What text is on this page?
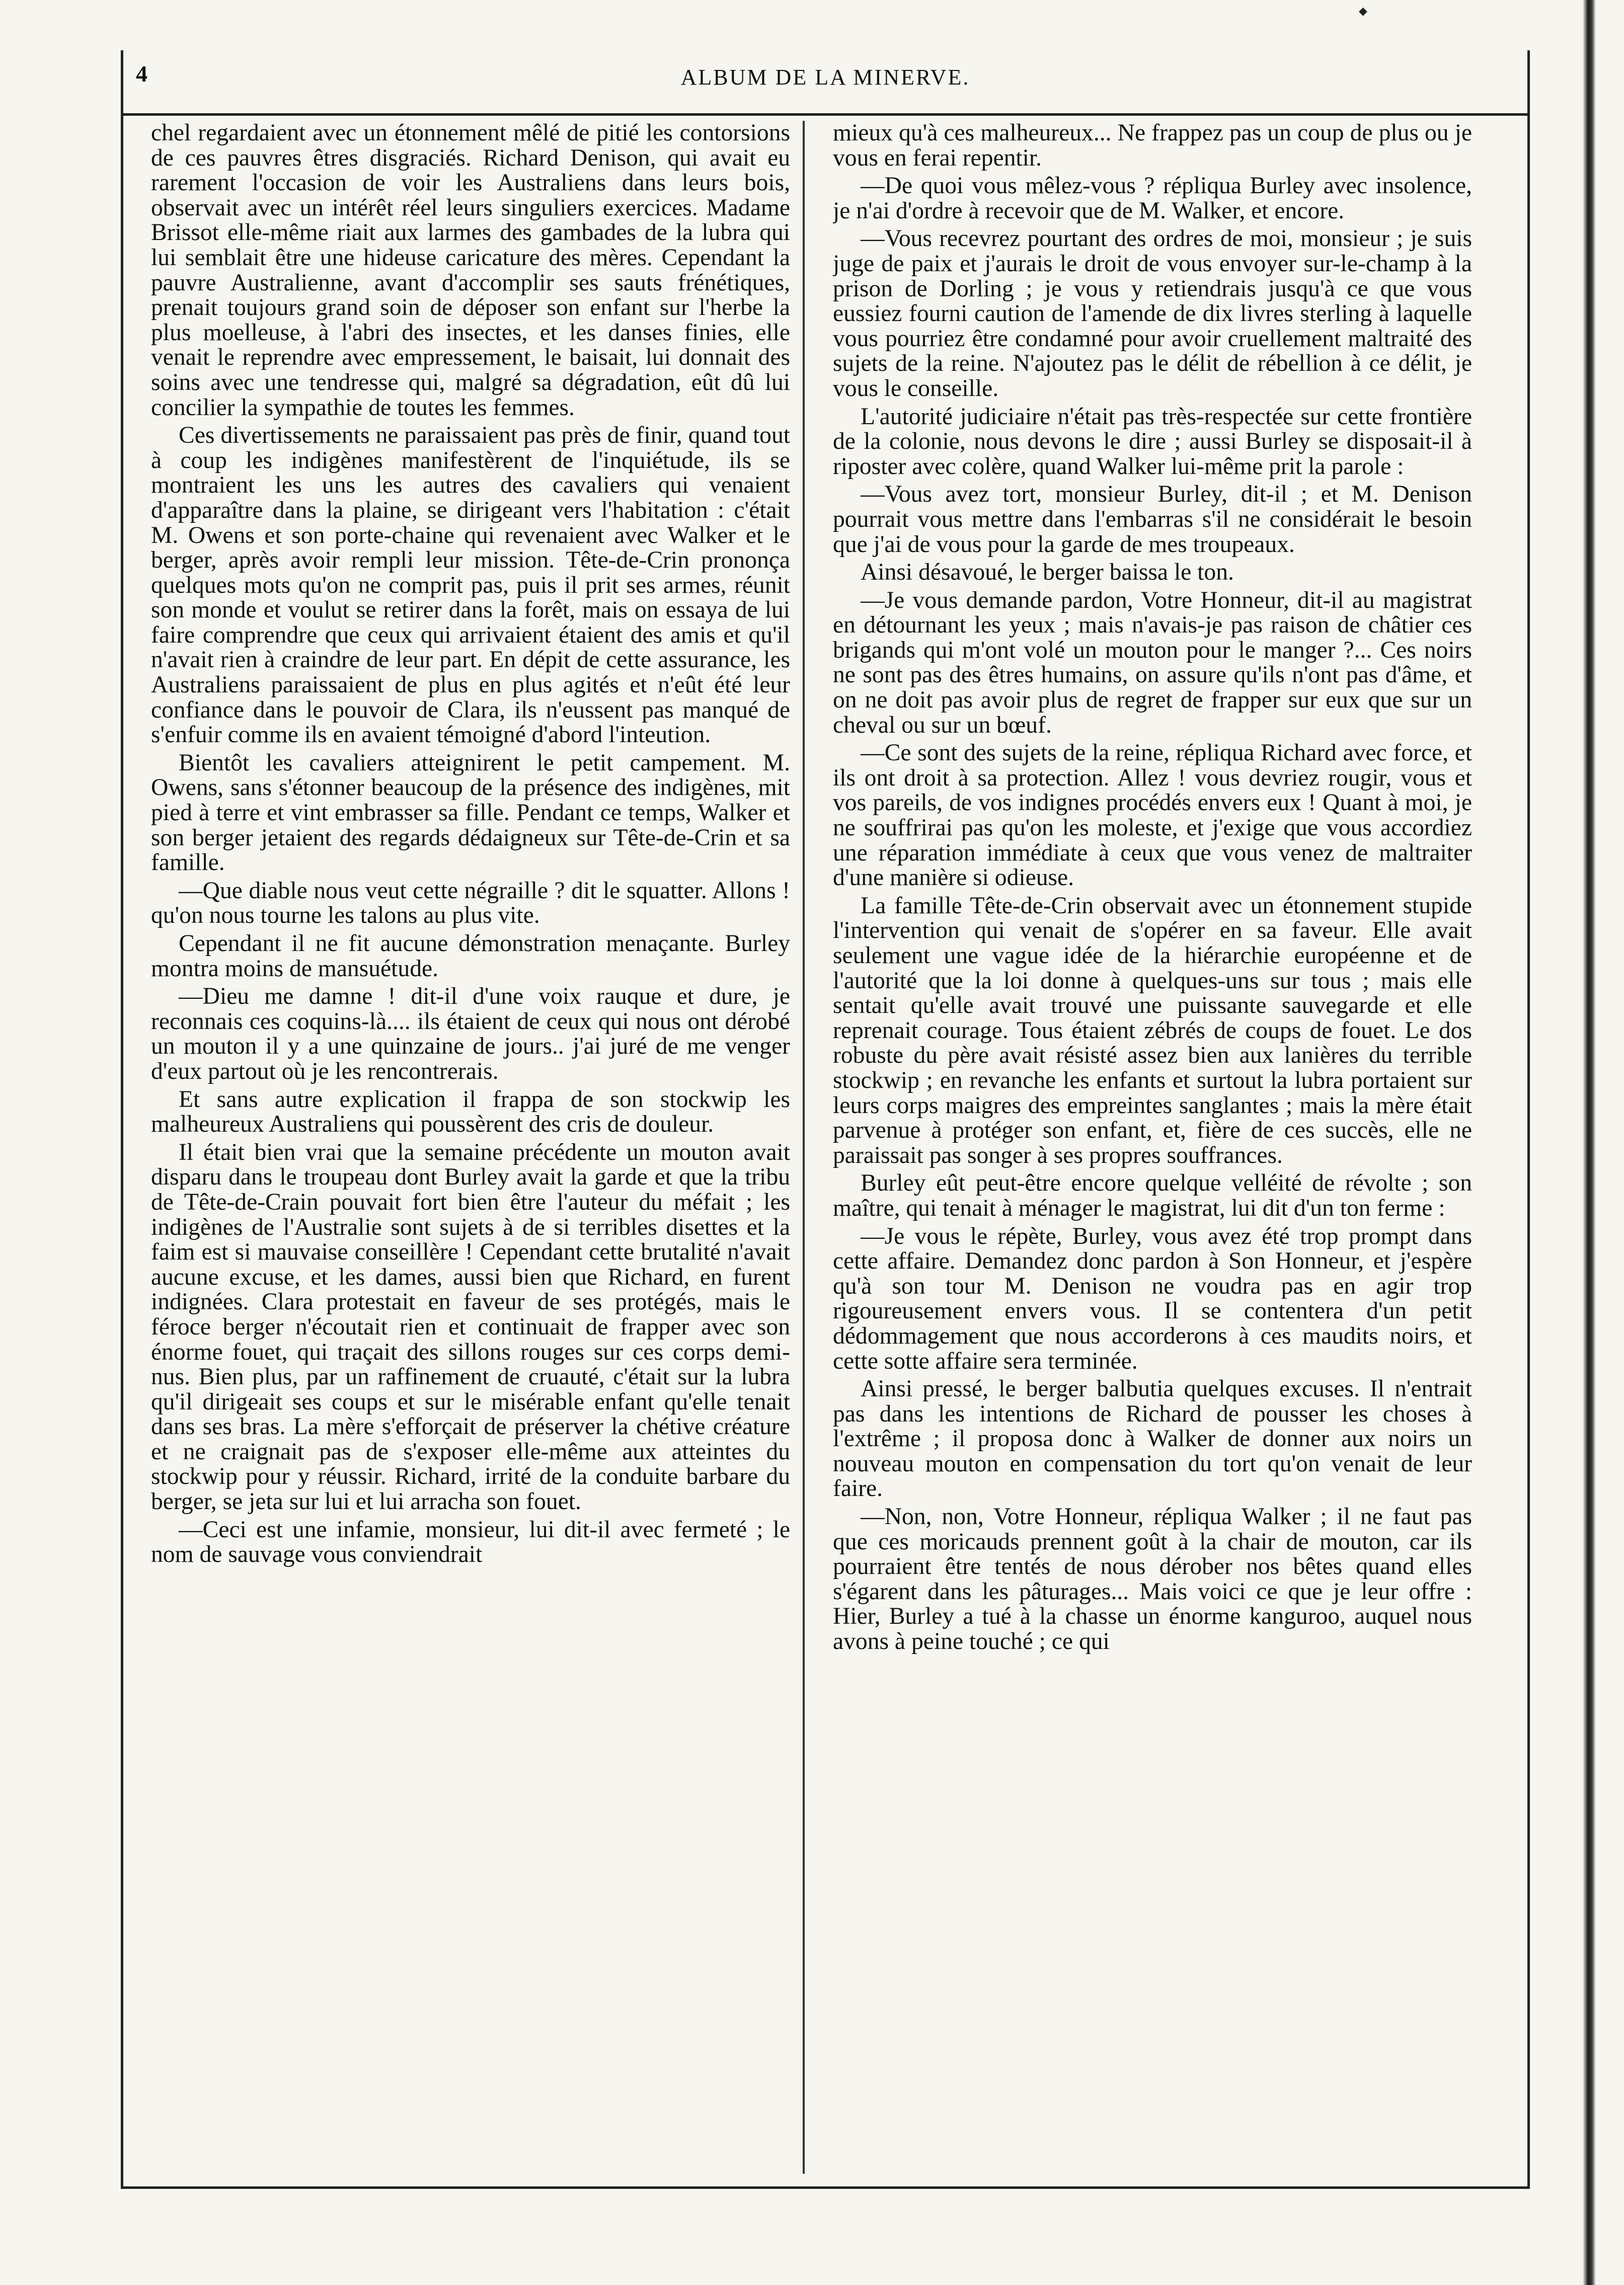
4	ALBUM DE LA MINERVE.
◆

chel regardaient avec un étonnement mêlé de pitié les contorsions de ces pauvres êtres disgraciés. Richard Denison, qui avait eu rarement l'occasion de voir les Australiens dans leurs bois, observait avec un intérêt réel leurs singuliers exercices. Madame Brissot elle-même riait aux larmes des gambades de la lubra qui lui semblait être une hideuse caricature des mères. Cependant la pauvre Australienne, avant d'accomplir ses sauts frénétiques, prenait toujours grand soin de déposer son enfant sur l'herbe la plus moelleuse, à l'abri des insectes, et les danses finies, elle venait le reprendre avec empressement, le baisait, lui donnait des soins avec une tendresse qui, malgré sa dégradation, eût dû lui concilier la sympathie de toutes les femmes.

Ces divertissements ne paraissaient pas près de finir, quand tout à coup les indigènes manifestèrent de l'inquiétude, ils se montraient les uns les autres des cavaliers qui venaient d'apparaître dans la plaine, se dirigeant vers l'habitation : c'était M. Owens et son porte-chaine qui revenaient avec Walker et le berger, après avoir rempli leur mission. Tête-de-Crin prononça quelques mots qu'on ne comprit pas, puis il prit ses armes, réunit son monde et voulut se retirer dans la forêt, mais on essaya de lui faire comprendre que ceux qui arrivaient étaient des amis et qu'il n'avait rien à craindre de leur part. En dépit de cette assurance, les Australiens paraissaient de plus en plus agités et n'eût été leur confiance dans le pouvoir de Clara, ils n'eussent pas manqué de s'enfuir comme ils en avaient témoigné d'abord l'inteution.

Bientôt les cavaliers atteignirent le petit campement. M. Owens, sans s'étonner beaucoup de la présence des indigènes, mit pied à terre et vint embrasser sa fille. Pendant ce temps, Walker et son berger jetaient des regards dédaigneux sur Tête-de-Crin et sa famille.

—Que diable nous veut cette négraille ? dit le squatter. Allons ! qu'on nous tourne les talons au plus vite.

Cependant il ne fit aucune démonstration menaçante. Burley montra moins de mansuétude.

—Dieu me damne ! dit-il d'une voix rauque et dure, je reconnais ces coquins-là.... ils étaient de ceux qui nous ont dérobé un mouton il y a une quinzaine de jours.. j'ai juré de me venger d'eux partout où je les rencontrerais.

Et sans autre explication il frappa de son stockwip les malheureux Australiens qui poussèrent des cris de douleur.

Il était bien vrai que la semaine précédente un mouton avait disparu dans le troupeau dont Burley avait la garde et que la tribu de Tête-de-Crain pouvait fort bien être l'auteur du méfait ; les indigènes de l'Australie sont sujets à de si terribles disettes et la faim est si mauvaise conseillère ! Cependant cette brutalité n'avait aucune excuse, et les dames, aussi bien que Richard, en furent indignées. Clara protestait en faveur de ses protégés, mais le féroce berger n'écoutait rien et continuait de frapper avec son énorme fouet, qui traçait des sillons rouges sur ces corps demi-nus. Bien plus, par un raffinement de cruauté, c'était sur la lubra qu'il dirigeait ses coups et sur le misérable enfant qu'elle tenait dans ses bras. La mère s'efforçait de préserver la chétive créature et ne craignait pas de s'exposer elle-même aux atteintes du stockwip pour y réussir. Richard, irrité de la conduite barbare du berger, se jeta sur lui et lui arracha son fouet.

—Ceci est une infamie, monsieur, lui dit-il avec fermeté ; le nom de sauvage vous conviendrait

mieux qu'à ces malheureux... Ne frappez pas un coup de plus ou je vous en ferai repentir.

—De quoi vous mêlez-vous ? répliqua Burley avec insolence, je n'ai d'ordre à recevoir que de M. Walker, et encore.

—Vous recevrez pourtant des ordres de moi, monsieur ; je suis juge de paix et j'aurais le droit de vous envoyer sur-le-champ à la prison de Dorling ; je vous y retiendrais jusqu'à ce que vous eussiez fourni caution de l'amende de dix livres sterling à laquelle vous pourriez être condamné pour avoir cruellement maltraité des sujets de la reine. N'ajoutez pas le délit de rébellion à ce délit, je vous le conseille.

L'autorité judiciaire n'était pas très-respectée sur cette frontière de la colonie, nous devons le dire ; aussi Burley se disposait-il à riposter avec colère, quand Walker lui-même prit la parole :

—Vous avez tort, monsieur Burley, dit-il ; et M. Denison pourrait vous mettre dans l'embarras s'il ne considérait le besoin que j'ai de vous pour la garde de mes troupeaux.

Ainsi désavoué, le berger baissa le ton.

—Je vous demande pardon, Votre Honneur, dit-il au magistrat en détournant les yeux ; mais n'avais-je pas raison de châtier ces brigands qui m'ont volé un mouton pour le manger ?... Ces noirs ne sont pas des êtres humains, on assure qu'ils n'ont pas d'âme, et on ne doit pas avoir plus de regret de frapper sur eux que sur un cheval ou sur un bœuf.

—Ce sont des sujets de la reine, répliqua Richard avec force, et ils ont droit à sa protection. Allez ! vous devriez rougir, vous et vos pareils, de vos indignes procédés envers eux ! Quant à moi, je ne souffrirai pas qu'on les moleste, et j'exige que vous accordiez une réparation immédiate à ceux que vous venez de maltraiter d'une manière si odieuse.

La famille Tête-de-Crin observait avec un étonnement stupide l'intervention qui venait de s'opérer en sa faveur. Elle avait seulement une vague idée de la hiérarchie européenne et de l'autorité que la loi donne à quelques-uns sur tous ; mais elle sentait qu'elle avait trouvé une puissante sauvegarde et elle reprenait courage. Tous étaient zébrés de coups de fouet. Le dos robuste du père avait résisté assez bien aux lanières du terrible stockwip ; en revanche les enfants et surtout la lubra portaient sur leurs corps maigres des empreintes sanglantes ; mais la mère était parvenue à protéger son enfant, et, fière de ces succès, elle ne paraissait pas songer à ses propres souffrances.

Burley eût peut-être encore quelque velléité de révolte ; son maître, qui tenait à ménager le magistrat, lui dit d'un ton ferme :

—Je vous le répète, Burley, vous avez été trop prompt dans cette affaire. Demandez donc pardon à Son Honneur, et j'espère qu'à son tour M. Denison ne voudra pas en agir trop rigoureusement envers vous. Il se contentera d'un petit dédommagement que nous accorderons à ces maudits noirs, et cette sotte affaire sera terminée.

Ainsi pressé, le berger balbutia quelques excuses. Il n'entrait pas dans les intentions de Richard de pousser les choses à l'extrême ; il proposa donc à Walker de donner aux noirs un nouveau mouton en compensation du tort qu'on venait de leur faire.

—Non, non, Votre Honneur, répliqua Walker ; il ne faut pas que ces moricauds prennent goût à la chair de mouton, car ils pourraient être tentés de nous dérober nos bêtes quand elles s'égarent dans les pâturages... Mais voici ce que je leur offre : Hier, Burley a tué à la chasse un énorme kanguroo, auquel nous avons à peine touché ; ce qui
